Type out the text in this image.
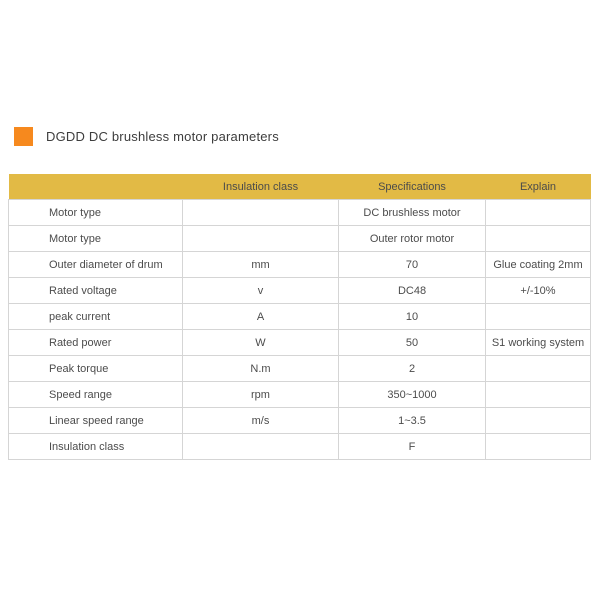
DGDD DC brushless motor parameters
	Insulation class	Specifications	Explain
Motor type		DC brushless motor	
Motor type		Outer rotor motor	
Outer diameter of drum	mm	70	Glue coating 2mm
Rated voltage	v	DC48	+/-10%
peak current	A	10	
Rated power	W	50	S1 working system
Peak torque	N.m	2	
Speed range	rpm	350~1000	
Linear speed range	m/s	1~3.5	
Insulation class		F	
